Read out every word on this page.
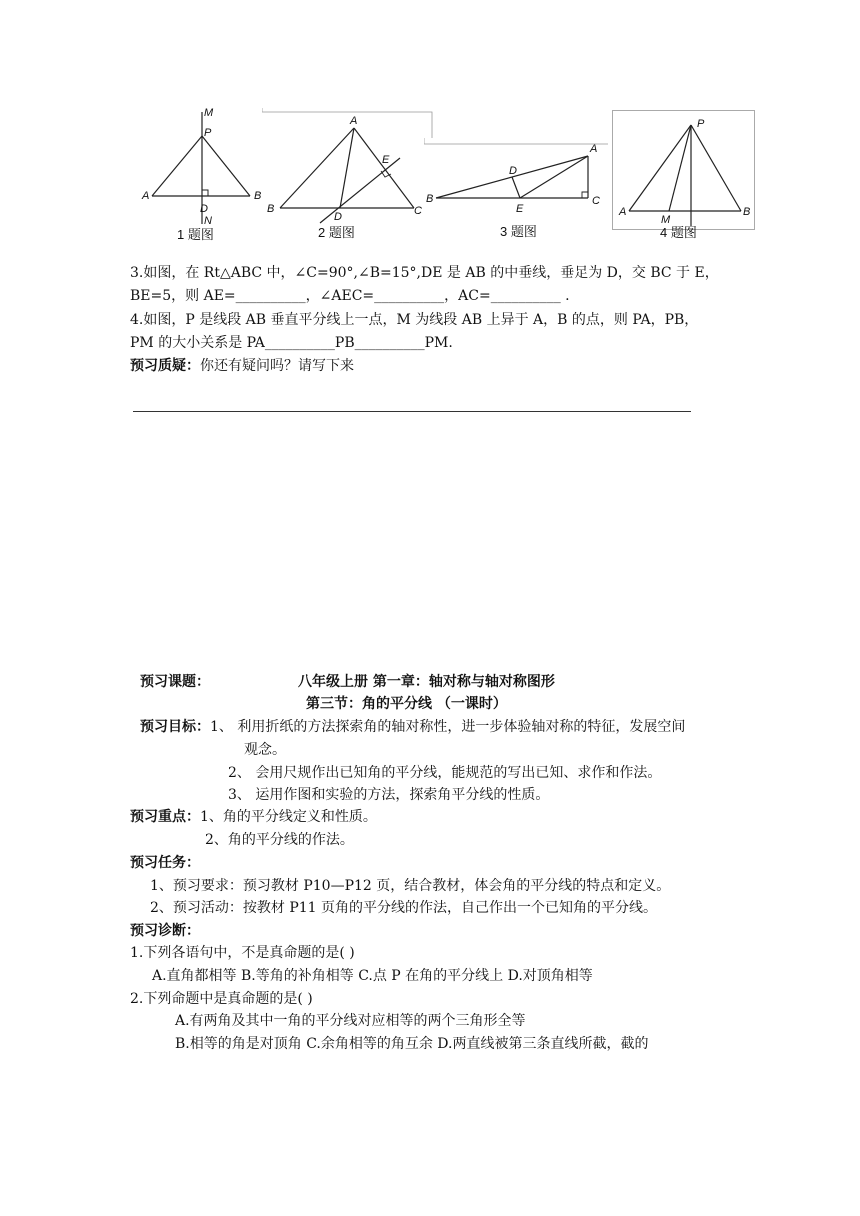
M
P
A	B
D
N
1 题图
A
B	C
D
E
2 题图
A
B	C
D
E
3 题图
P
A	B
M
4 题图
3.如图，在 Rt△ABC 中，∠C=90°,∠B=15°,DE 是 AB 的中垂线，垂足为 D，交 BC 于 E，
BE=5，则 AE=__________，∠AEC=__________，AC=__________ .
4.如图，P 是线段 AB 垂直平分线上一点，M 为线段 AB 上异于 A，B 的点，则 PA，PB，
PM 的大小关系是 PA__________PB__________PM.
预习质疑：你还有疑问吗？请写下来
预习课题：	八年级上册 第一章：轴对称与轴对称图形
第三节：角的平分线 （一课时）
预习目标：1、 利用折纸的方法探索角的轴对称性，进一步体验轴对称的特征，发展空间
观念。
2、 会用尺规作出已知角的平分线，能规范的写出已知、求作和作法。
3、 运用作图和实验的方法，探索角平分线的性质。
预习重点：1、角的平分线定义和性质。
2、角的平分线的作法。
预习任务：
1、预习要求：预习教材 P10—P12 页，结合教材，体会角的平分线的特点和定义。
2、预习活动：按教材 P11 页角的平分线的作法，自己作出一个已知角的平分线。
预习诊断：
1.下列各语句中，不是真命题的是( )
A.直角都相等 B.等角的补角相等 C.点 P 在角的平分线上 D.对顶角相等
2.下列命题中是真命题的是( )
A.有两角及其中一角的平分线对应相等的两个三角形全等
B.相等的角是对顶角 C.余角相等的角互余 D.两直线被第三条直线所截，截的
